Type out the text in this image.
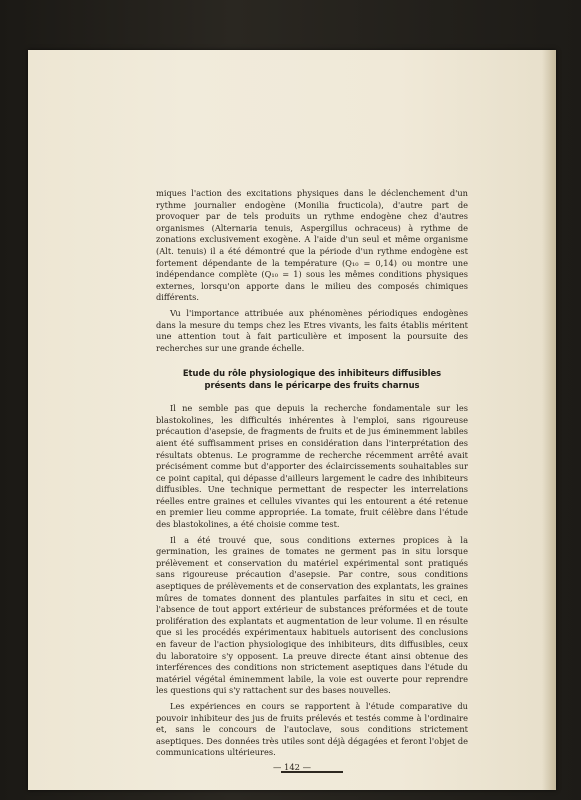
miques l'action des excitations physiques dans le déclenchement d'un rythme journalier endogène (Monilia fructicola), d'autre part de provoquer par de tels produits un rythme endogène chez d'autres organismes (Alternaria tenuis, Aspergillus ochraceus) à rythme de zonations exclusivement exogène. A l'aide d'un seul et même organisme (Alt. tenuis) il a été démontré que la période d'un rythme endogène est fortement dépendante de la température (Q₁₀ = 0,14) ou montre une indépendance complète (Q₁₀ = 1) sous les mêmes conditions physiques externes, lorsqu'on apporte dans le milieu des composés chimiques différents.

Vu l'importance attribuée aux phénomènes périodiques endogènes dans la mesure du temps chez les Etres vivants, les faits établis méritent une attention tout à fait particulière et imposent la poursuite des recherches sur une grande échelle.

Etude du rôle physiologique des inhibiteurs diffusibles
présents dans le péricarpe des fruits charnus

Il ne semble pas que depuis la recherche fondamentale sur les blastokolines, les difficultés inhérentes à l'emploi, sans rigoureuse précaution d'asepsie, de fragments de fruits et de jus éminemment labiles aient été suffisamment prises en considération dans l'interprétation des résultats obtenus. Le programme de recherche récemment arrêté avait précisément comme but d'apporter des éclaircissements souhaitables sur ce point capital, qui dépasse d'ailleurs largement le cadre des inhibiteurs diffusibles. Une technique permettant de respecter les interrelations réelles entre graines et cellules vivantes qui les entourent a été retenue en premier lieu comme appropriée. La tomate, fruit célèbre dans l'étude des blastokolines, a été choisie comme test.

Il a été trouvé que, sous conditions externes propices à la germination, les graines de tomates ne germent pas in situ lorsque prélèvement et conservation du matériel expérimental sont pratiqués sans rigoureuse précaution d'asepsie. Par contre, sous conditions aseptiques de prélèvements et de conservation des explantats, les graines mûres de tomates donnent des plantules parfaites in situ et ceci, en l'absence de tout apport extérieur de substances préformées et de toute prolifération des explantats et augmentation de leur volume. Il en résulte que si les procédés expérimentaux habituels autorisent des conclusions en faveur de l'action physiologique des inhibiteurs, dits diffusibles, ceux du laboratoire s'y opposent. La preuve directe étant ainsi obtenue des interférences des conditions non strictement aseptiques dans l'étude du matériel végétal éminemment labile, la voie est ouverte pour reprendre les questions qui s'y rattachent sur des bases nouvelles.

Les expériences en cours se rapportent à l'étude comparative du pouvoir inhibiteur des jus de fruits prélevés et testés comme à l'ordinaire et, sans le concours de l'autoclave, sous conditions strictement aseptiques. Des données très utiles sont déjà dégagées et feront l'objet de communications ultérieures.

— 142 —
